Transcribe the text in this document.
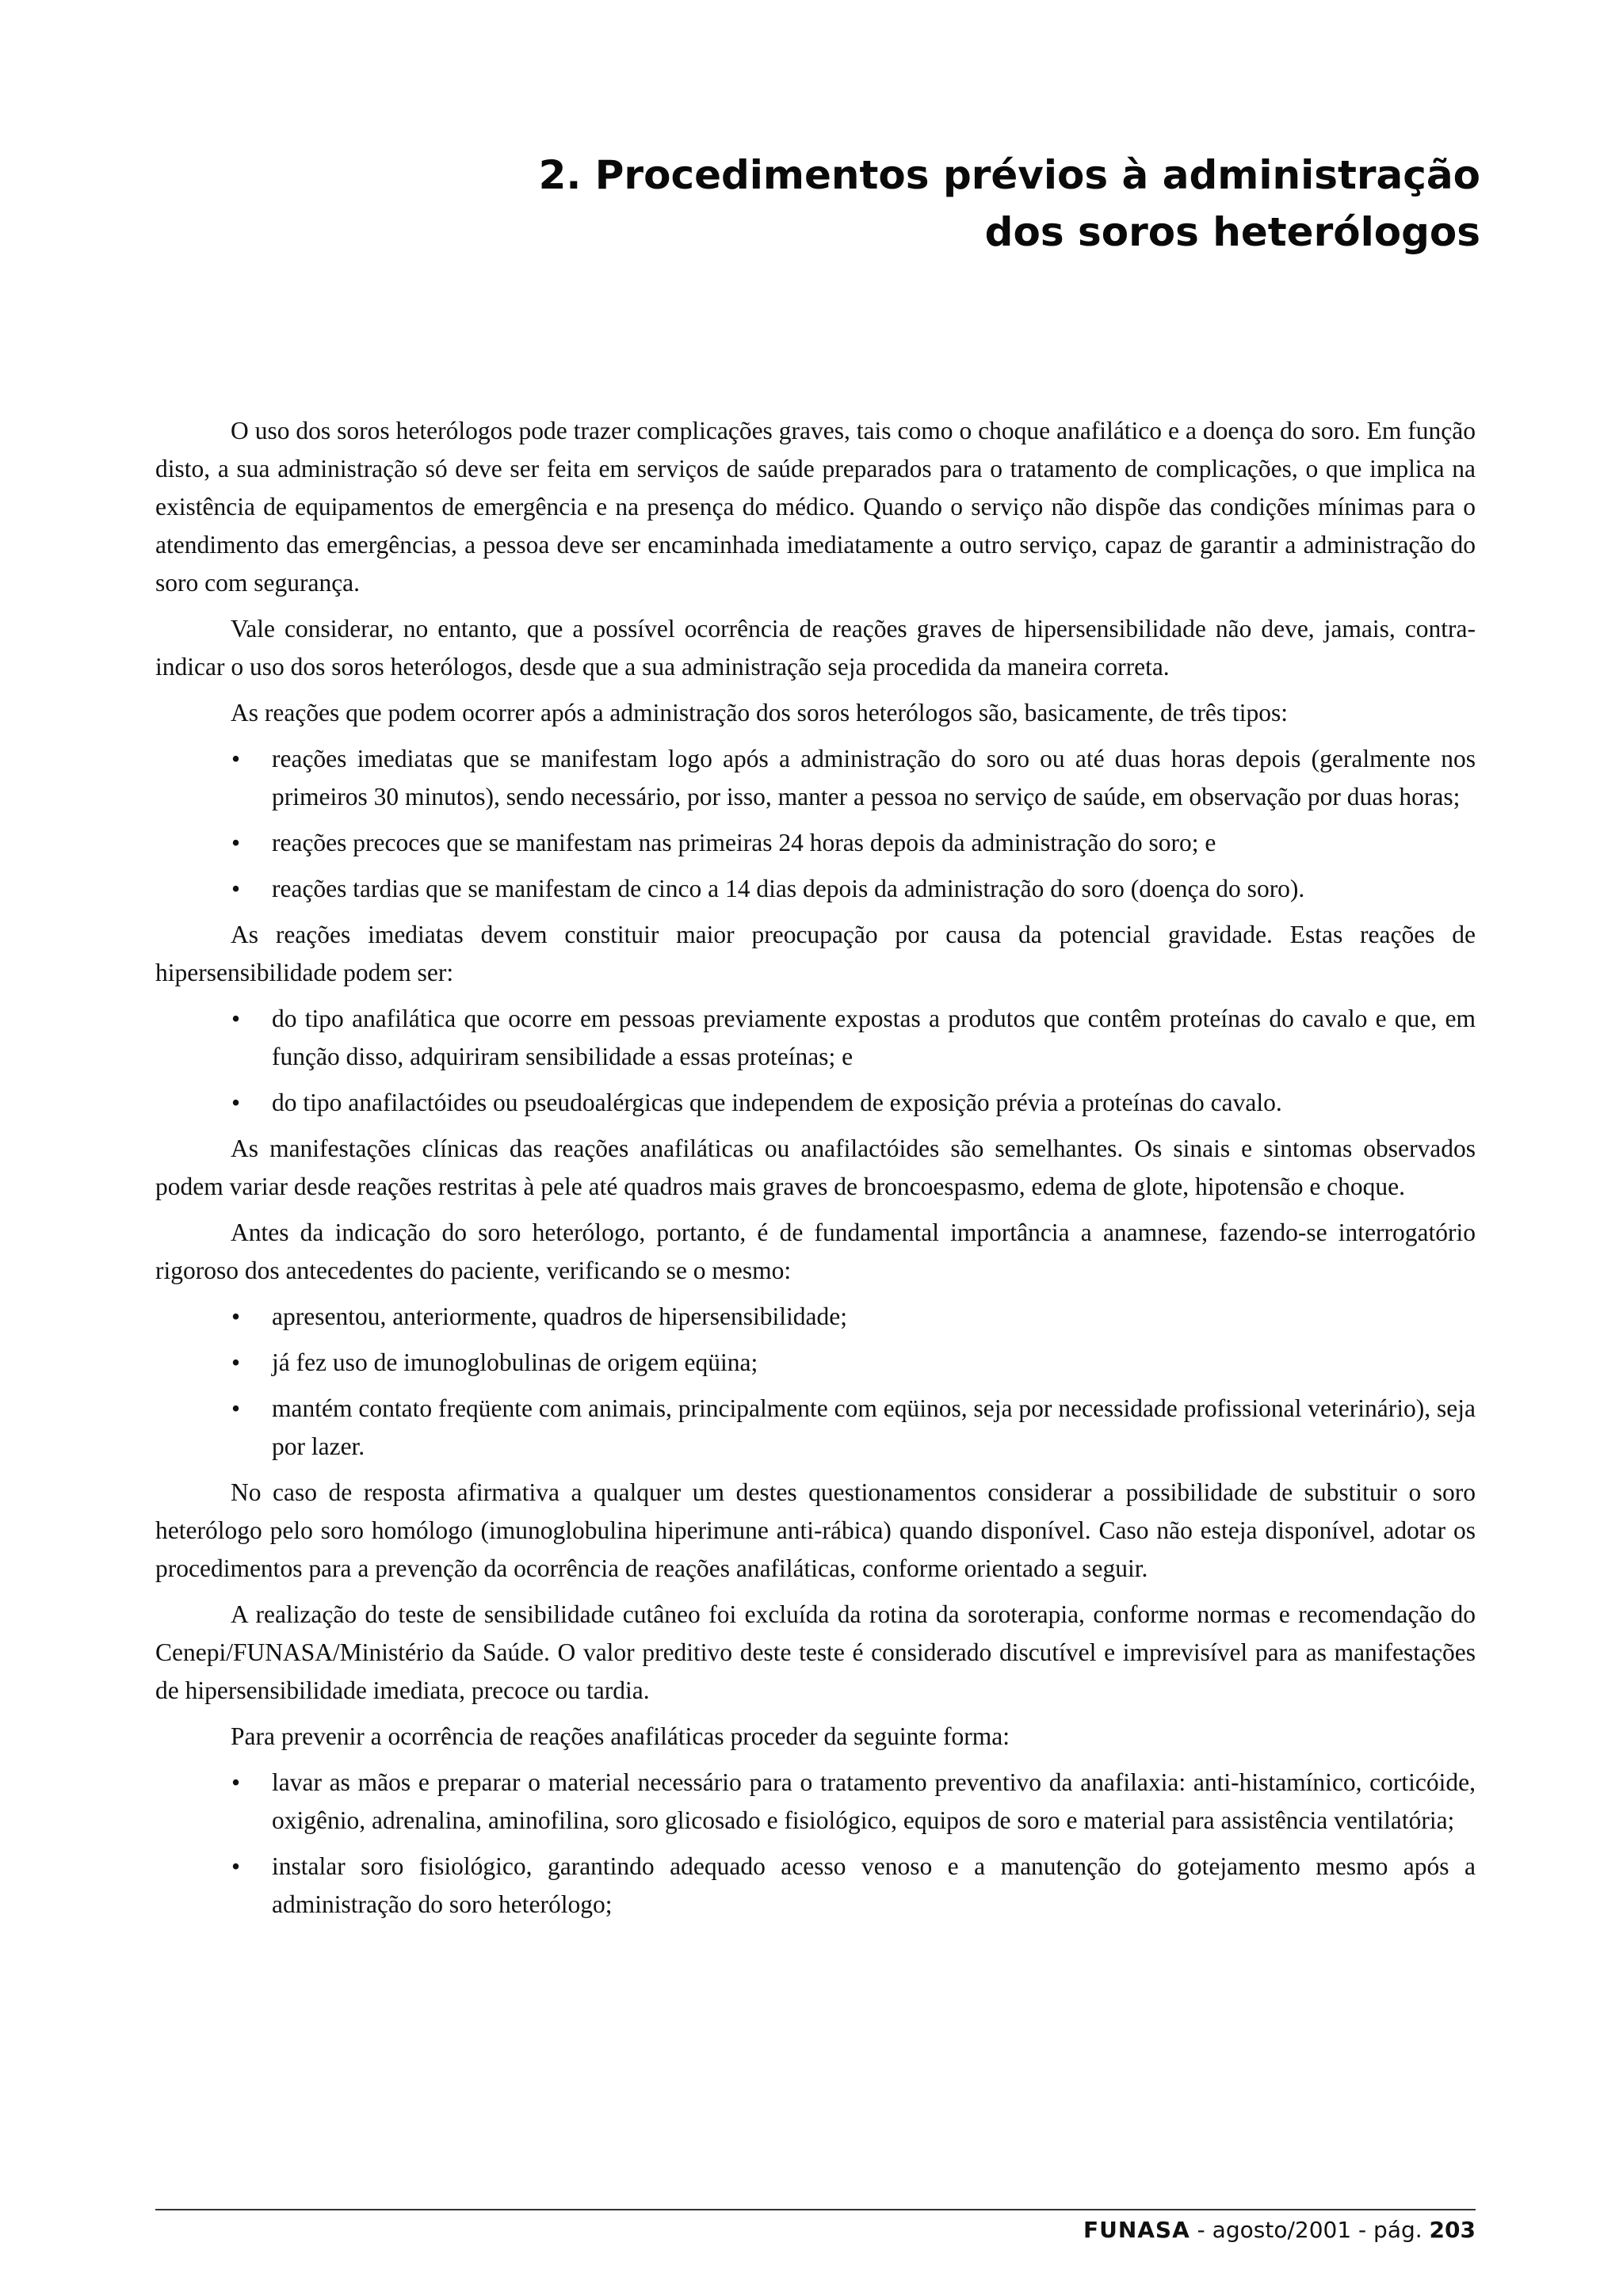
2. Procedimentos prévios à administração
dos soros heterólogos

O uso dos soros heterólogos pode trazer complicações graves, tais como o choque anafilático e a doença do soro. Em função disto, a sua administração só deve ser feita em serviços de saúde preparados para o tratamento de complicações, o que implica na existência de equipamentos de emergência e na presença do médico. Quando o serviço não dispõe das condições mínimas para o atendimento das emergências, a pessoa deve ser encaminhada imediatamente a outro serviço, capaz de garantir a administração do soro com segurança.

Vale considerar, no entanto, que a possível ocorrência de reações graves de hipersensibilidade não deve, jamais, contra-indicar o uso dos soros heterólogos, desde que a sua administração seja procedida da maneira correta.

As reações que podem ocorrer após a administração dos soros heterólogos são, basicamente, de três tipos:

• reações imediatas que se manifestam logo após a administração do soro ou até duas horas depois (geralmente nos primeiros 30 minutos), sendo necessário, por isso, manter a pessoa no serviço de saúde, em observação por duas horas;
• reações precoces que se manifestam nas primeiras 24 horas depois da administração do soro; e
• reações tardias que se manifestam de cinco a 14 dias depois da administração do soro (doença do soro).

As reações imediatas devem constituir maior preocupação por causa da potencial gravidade. Estas reações de hipersensibilidade podem ser:

• do tipo anafilática que ocorre em pessoas previamente expostas a produtos que contêm proteínas do cavalo e que, em função disso, adquiriram sensibilidade a essas proteínas; e
• do tipo anafilactóides ou pseudoalérgicas que independem de exposição prévia a proteínas do cavalo.

As manifestações clínicas das reações anafiláticas ou anafilactóides são semelhantes. Os sinais e sintomas observados podem variar desde reações restritas à pele até quadros mais graves de broncoespasmo, edema de glote, hipotensão e choque.

Antes da indicação do soro heterólogo, portanto, é de fundamental importância a anamnese, fazendo-se interrogatório rigoroso dos antecedentes do paciente, verificando se o mesmo:

• apresentou, anteriormente, quadros de hipersensibilidade;
• já fez uso de imunoglobulinas de origem eqüina;
• mantém contato freqüente com animais, principalmente com eqüinos, seja por necessidade profissional veterinário), seja por lazer.

No caso de resposta afirmativa a qualquer um destes questionamentos considerar a possibilidade de substituir o soro heterólogo pelo soro homólogo (imunoglobulina hiperimune anti-rábica) quando disponível. Caso não esteja disponível, adotar os procedimentos para a prevenção da ocorrência de reações anafiláticas, conforme orientado a seguir.

A realização do teste de sensibilidade cutâneo foi excluída da rotina da soroterapia, conforme normas e recomendação do Cenepi/FUNASA/Ministério da Saúde. O valor preditivo deste teste é considerado discutível e imprevisível para as manifestações de hipersensibilidade imediata, precoce ou tardia.

Para prevenir a ocorrência de reações anafiláticas proceder da seguinte forma:

• lavar as mãos e preparar o material necessário para o tratamento preventivo da anafilaxia: anti-histamínico, corticóide, oxigênio, adrenalina, aminofilina, soro glicosado e fisiológico, equipos de soro e material para assistência ventilatória;
• instalar soro fisiológico, garantindo adequado acesso venoso e a manutenção do gotejamento mesmo após a administração do soro heterólogo;
FUNASA - agosto/2001 - pág. 203
